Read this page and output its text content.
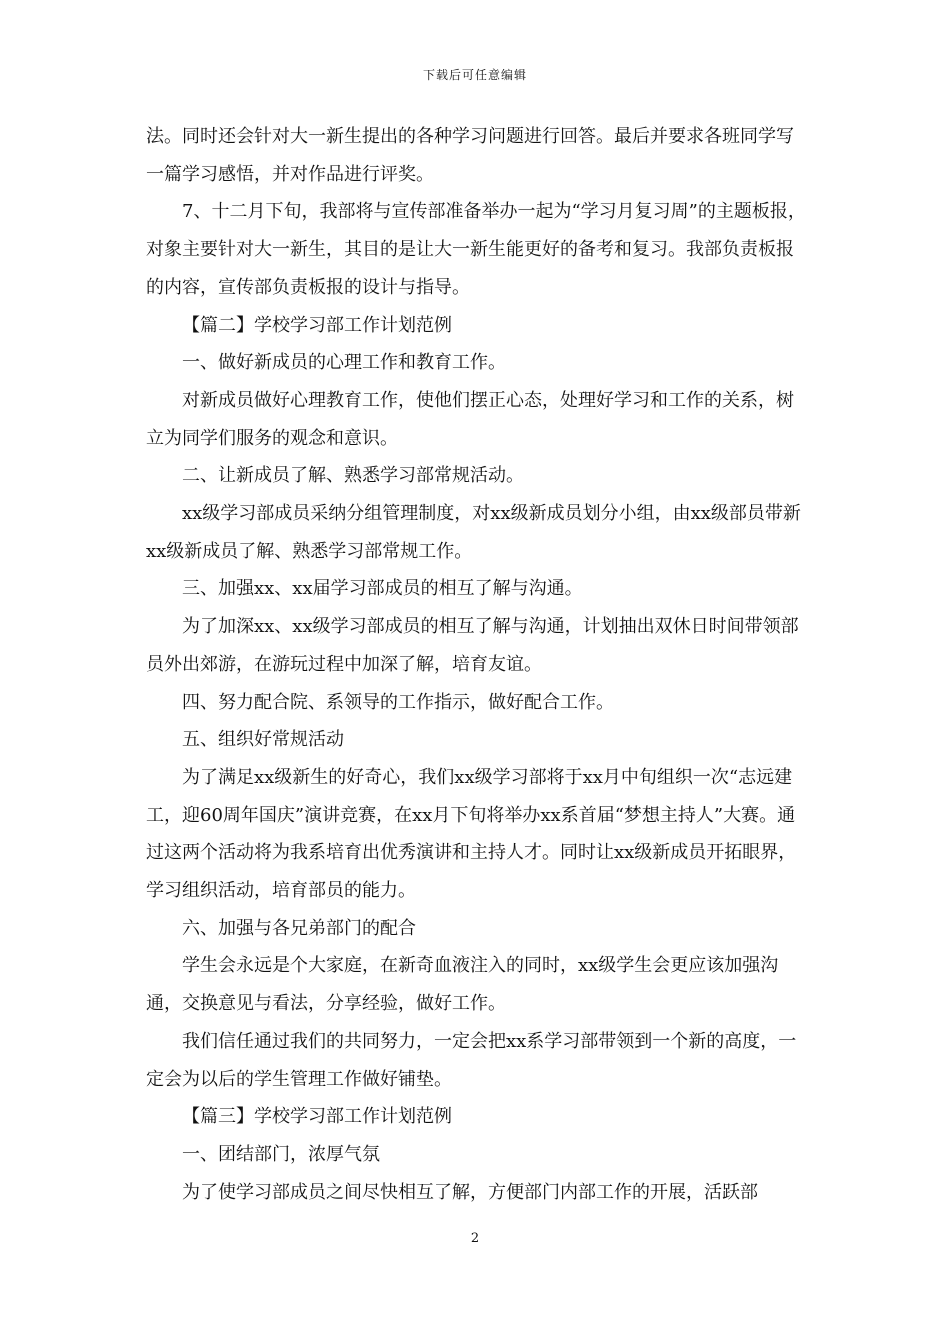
下载后可任意编辑

法。同时还会针对大一新生提出的各种学习问题进行回答。最后并要求各班同学写一篇学习感悟，并对作品进行评奖。

7、十二月下旬，我部将与宣传部准备举办一起为“学习月复习周”的主题板报，对象主要针对大一新生，其目的是让大一新生能更好的备考和复习。我部负责板报的内容，宣传部负责板报的设计与指导。

【篇二】学校学习部工作计划范例

一、做好新成员的心理工作和教育工作。

对新成员做好心理教育工作，使他们摆正心态，处理好学习和工作的关系，树立为同学们服务的观念和意识。

二、让新成员了解、熟悉学习部常规活动。

xx级学习部成员采纳分组管理制度，对xx级新成员划分小组，由xx级部员带新xx级新成员了解、熟悉学习部常规工作。

三、加强xx、xx届学习部成员的相互了解与沟通。

为了加深xx、xx级学习部成员的相互了解与沟通，计划抽出双休日时间带领部员外出郊游，在游玩过程中加深了解，培育友谊。

四、努力配合院、系领导的工作指示，做好配合工作。

五、组织好常规活动

为了满足xx级新生的好奇心，我们xx级学习部将于xx月中旬组织一次“志远建工，迎60周年国庆”演讲竞赛，在xx月下旬将举办xx系首届“梦想主持人”大赛。通过这两个活动将为我系培育出优秀演讲和主持人才。同时让xx级新成员开拓眼界，学习组织活动，培育部员的能力。

六、加强与各兄弟部门的配合

学生会永远是个大家庭，在新奇血液注入的同时，xx级学生会更应该加强沟通，交换意见与看法，分享经验，做好工作。

我们信任通过我们的共同努力，一定会把xx系学习部带领到一个新的高度，一定会为以后的学生管理工作做好铺垫。

【篇三】学校学习部工作计划范例

一、团结部门，浓厚气氛

为了使学习部成员之间尽快相互了解，方便部门内部工作的开展，活跃部

2
